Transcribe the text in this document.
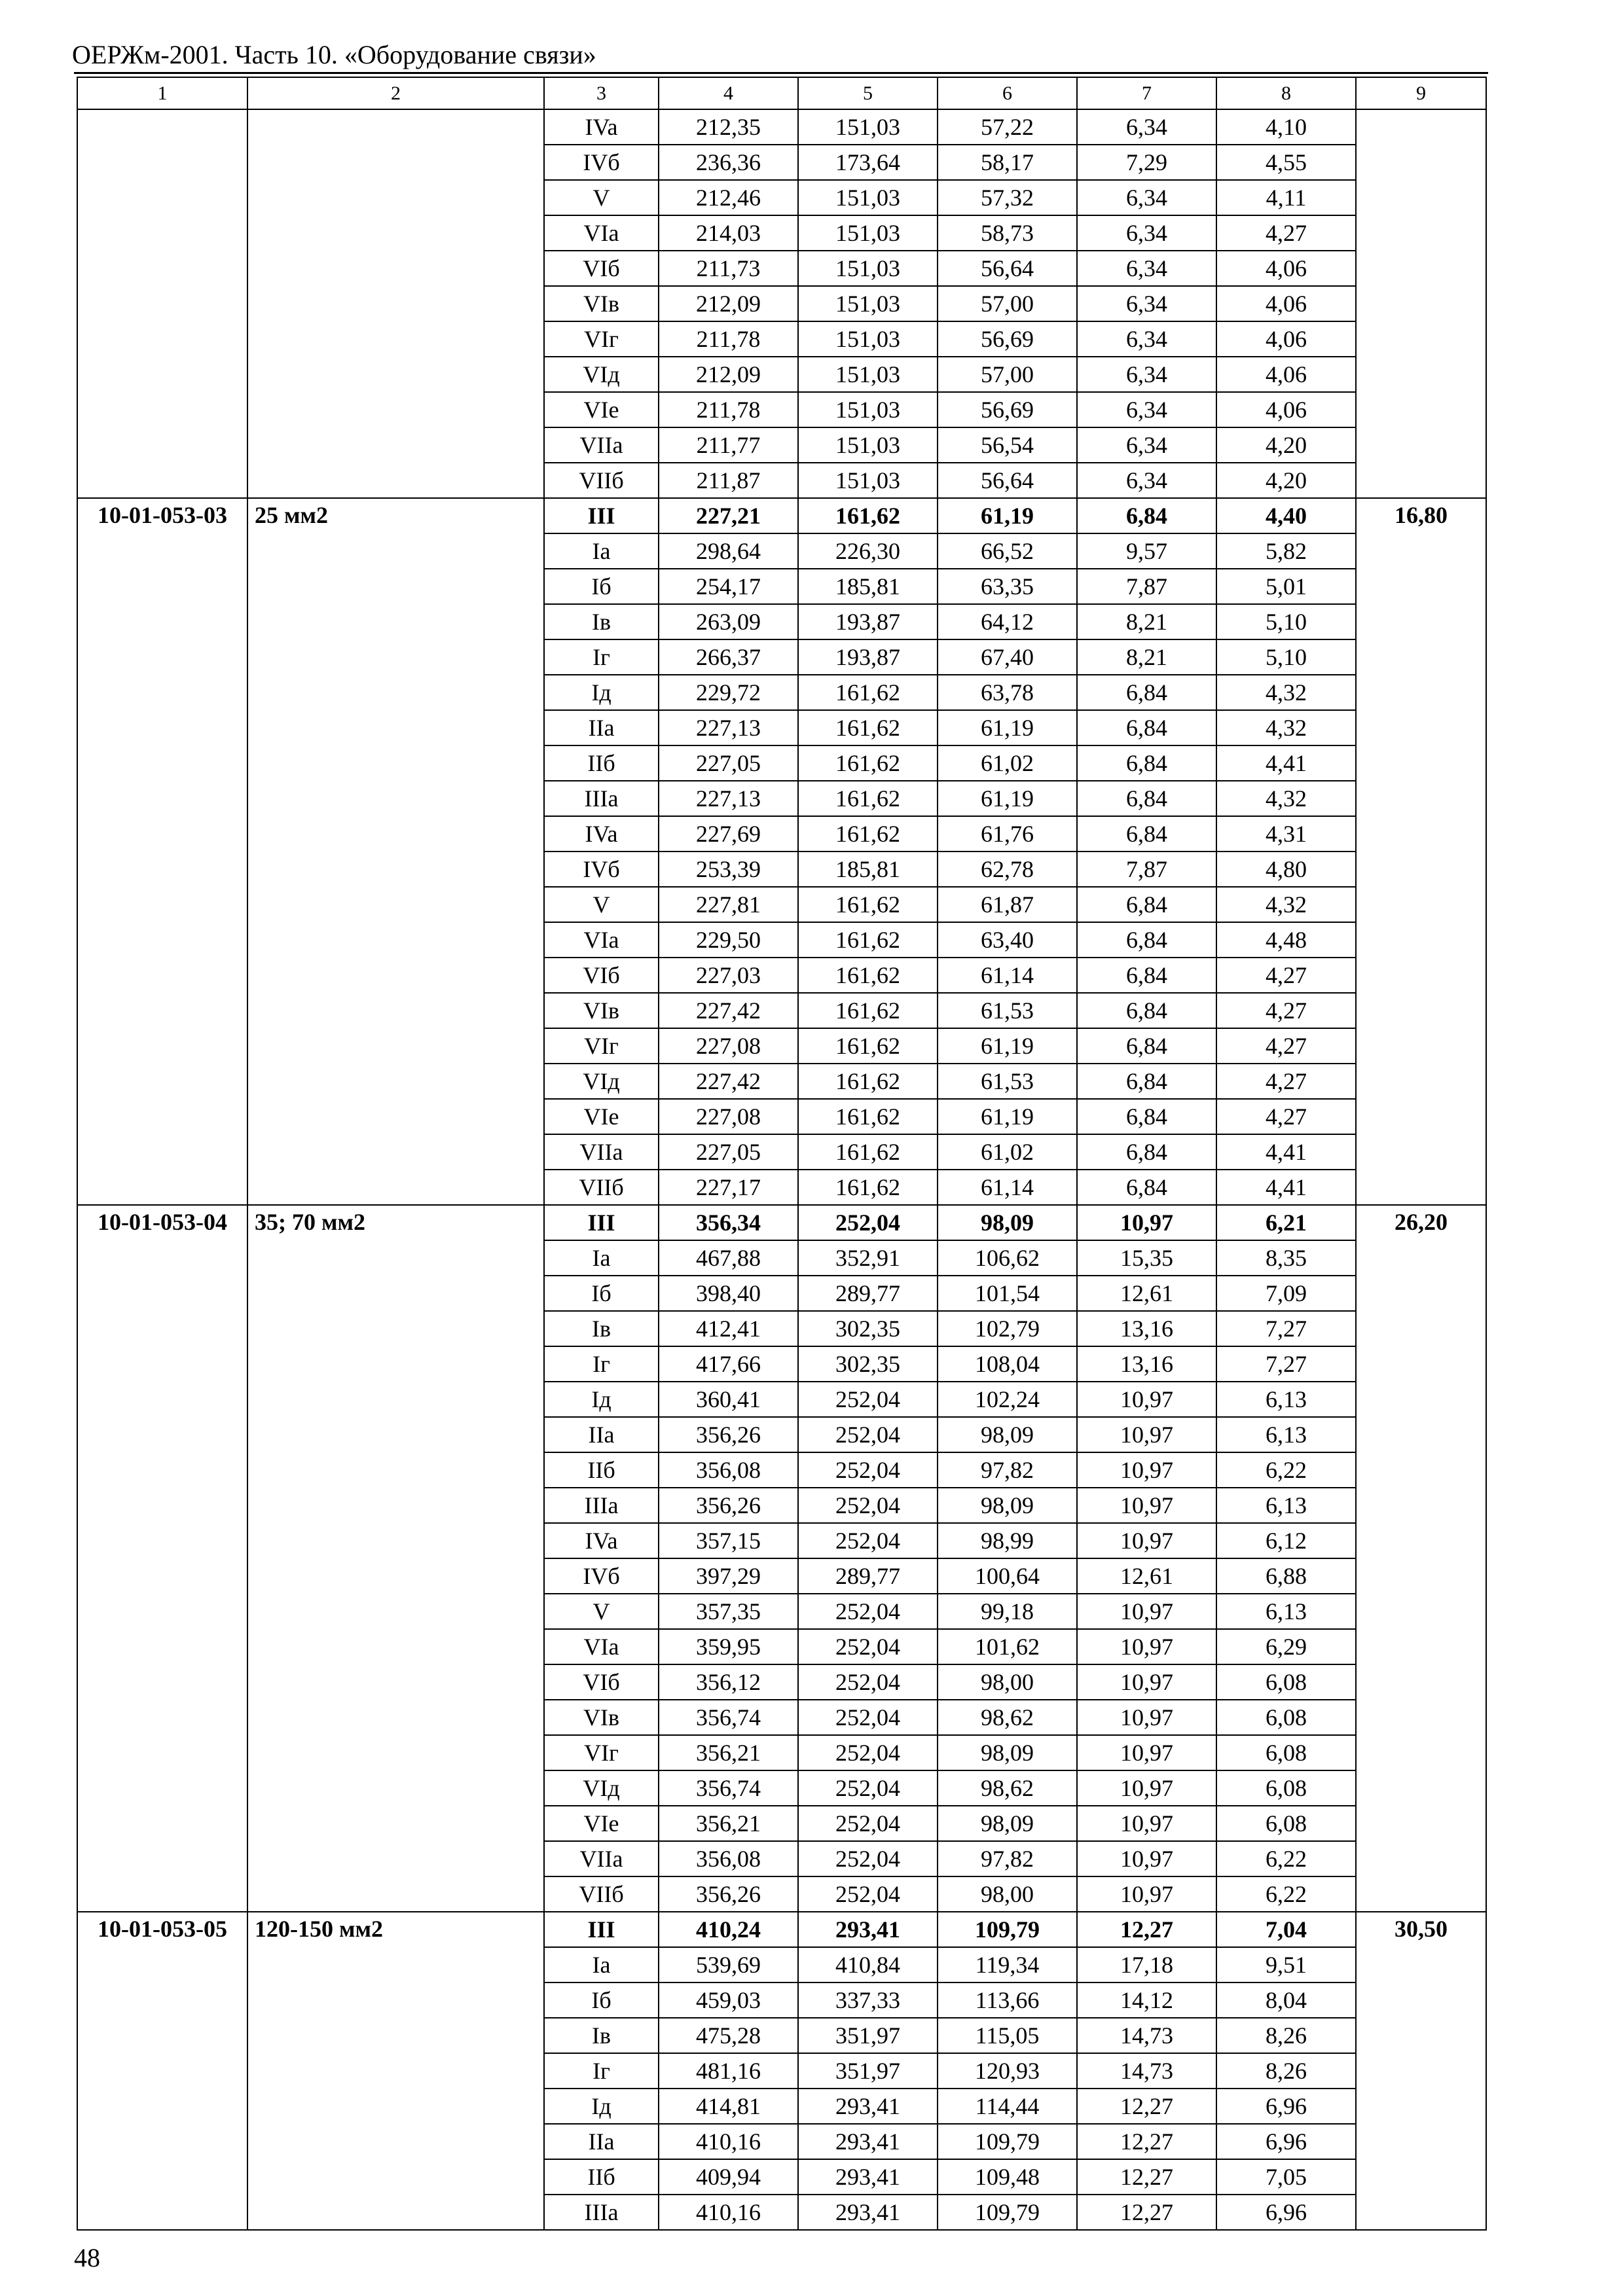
ОЕРЖм-2001. Часть 10. «Оборудование связи»
1	2	3	4	5	6	7	8	9
		IVa	212,35	151,03	57,22	6,34	4,10	
		IVб	236,36	173,64	58,17	7,29	4,55	
		V	212,46	151,03	57,32	6,34	4,11	
		VIa	214,03	151,03	58,73	6,34	4,27	
		VIб	211,73	151,03	56,64	6,34	4,06	
		VIв	212,09	151,03	57,00	6,34	4,06	
		VIг	211,78	151,03	56,69	6,34	4,06	
		VIд	212,09	151,03	57,00	6,34	4,06	
		VIe	211,78	151,03	56,69	6,34	4,06	
		VIIa	211,77	151,03	56,54	6,34	4,20	
		VIIб	211,87	151,03	56,64	6,34	4,20	
10-01-053-03	25 мм2	III	227,21	161,62	61,19	6,84	4,40	16,80
		Ia	298,64	226,30	66,52	9,57	5,82	
		Iб	254,17	185,81	63,35	7,87	5,01	
		Iв	263,09	193,87	64,12	8,21	5,10	
		Iг	266,37	193,87	67,40	8,21	5,10	
		Iд	229,72	161,62	63,78	6,84	4,32	
		IIa	227,13	161,62	61,19	6,84	4,32	
		IIб	227,05	161,62	61,02	6,84	4,41	
		IIIa	227,13	161,62	61,19	6,84	4,32	
		IVa	227,69	161,62	61,76	6,84	4,31	
		IVб	253,39	185,81	62,78	7,87	4,80	
		V	227,81	161,62	61,87	6,84	4,32	
		VIa	229,50	161,62	63,40	6,84	4,48	
		VIб	227,03	161,62	61,14	6,84	4,27	
		VIв	227,42	161,62	61,53	6,84	4,27	
		VIг	227,08	161,62	61,19	6,84	4,27	
		VIд	227,42	161,62	61,53	6,84	4,27	
		VIe	227,08	161,62	61,19	6,84	4,27	
		VIIa	227,05	161,62	61,02	6,84	4,41	
		VIIб	227,17	161,62	61,14	6,84	4,41	
10-01-053-04	35; 70 мм2	III	356,34	252,04	98,09	10,97	6,21	26,20
		Ia	467,88	352,91	106,62	15,35	8,35	
		Iб	398,40	289,77	101,54	12,61	7,09	
		Iв	412,41	302,35	102,79	13,16	7,27	
		Iг	417,66	302,35	108,04	13,16	7,27	
		Iд	360,41	252,04	102,24	10,97	6,13	
		IIa	356,26	252,04	98,09	10,97	6,13	
		IIб	356,08	252,04	97,82	10,97	6,22	
		IIIa	356,26	252,04	98,09	10,97	6,13	
		IVa	357,15	252,04	98,99	10,97	6,12	
		IVб	397,29	289,77	100,64	12,61	6,88	
		V	357,35	252,04	99,18	10,97	6,13	
		VIa	359,95	252,04	101,62	10,97	6,29	
		VIб	356,12	252,04	98,00	10,97	6,08	
		VIв	356,74	252,04	98,62	10,97	6,08	
		VIг	356,21	252,04	98,09	10,97	6,08	
		VIд	356,74	252,04	98,62	10,97	6,08	
		VIe	356,21	252,04	98,09	10,97	6,08	
		VIIa	356,08	252,04	97,82	10,97	6,22	
		VIIб	356,26	252,04	98,00	10,97	6,22	
10-01-053-05	120-150 мм2	III	410,24	293,41	109,79	12,27	7,04	30,50
		Ia	539,69	410,84	119,34	17,18	9,51	
		Iб	459,03	337,33	113,66	14,12	8,04	
		Iв	475,28	351,97	115,05	14,73	8,26	
		Iг	481,16	351,97	120,93	14,73	8,26	
		Iд	414,81	293,41	114,44	12,27	6,96	
		IIa	410,16	293,41	109,79	12,27	6,96	
		IIб	409,94	293,41	109,48	12,27	7,05	
		IIIa	410,16	293,41	109,79	12,27	6,96	
48
